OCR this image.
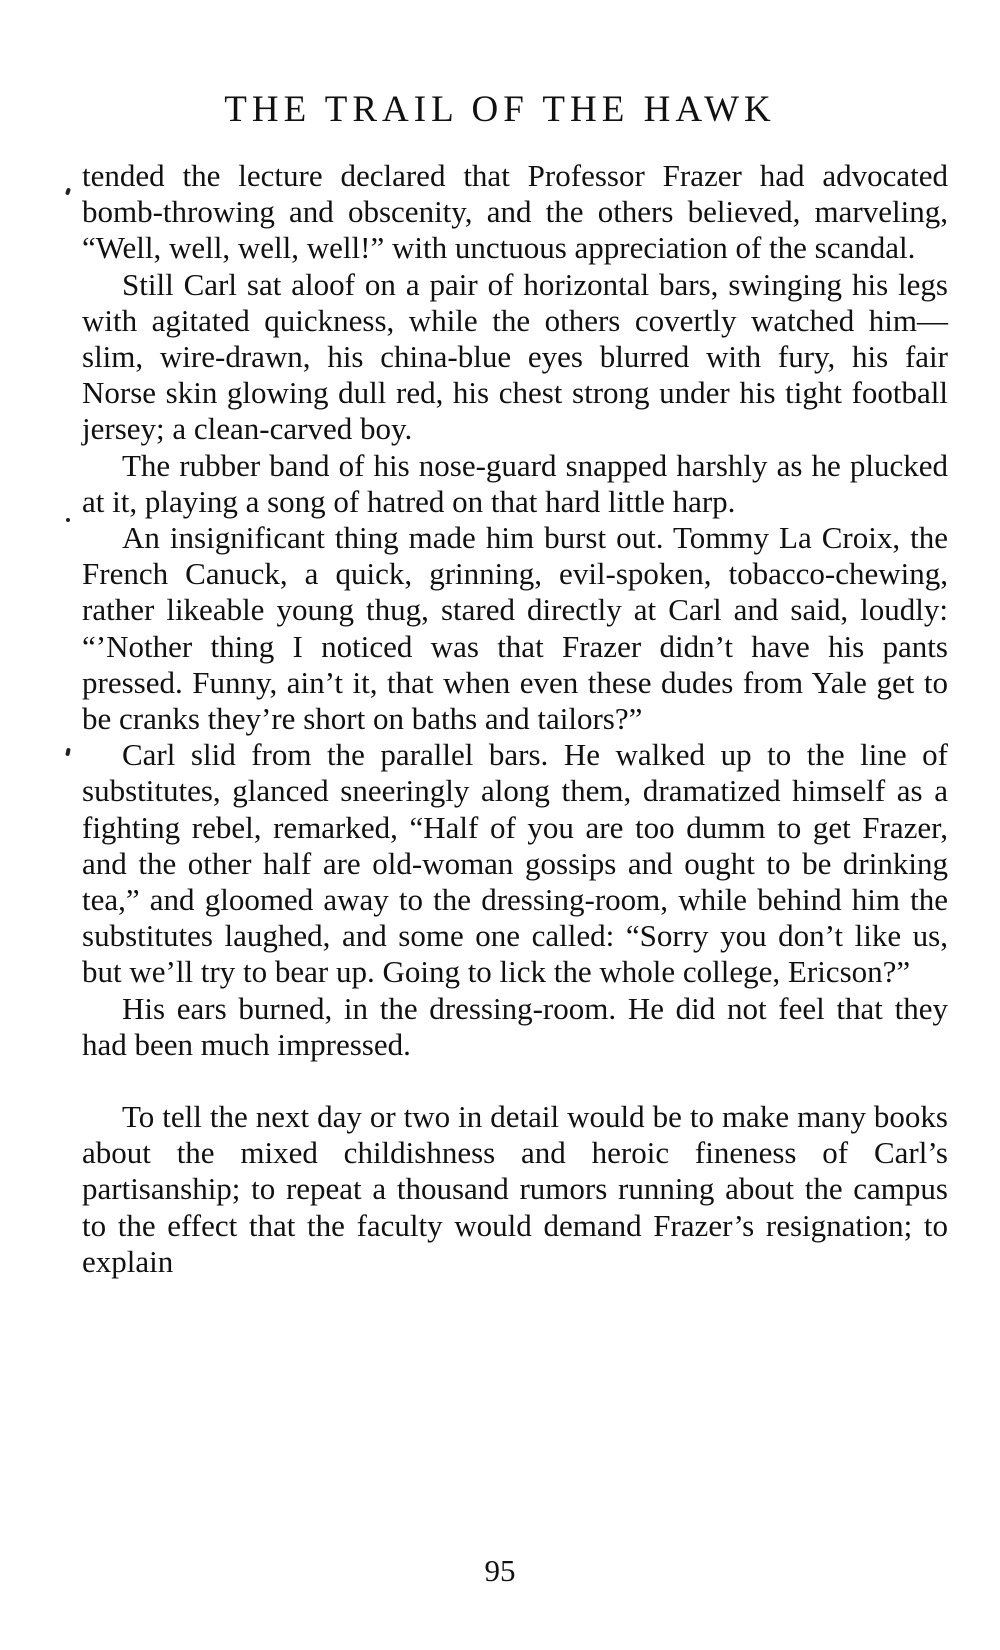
THE TRAIL OF THE HAWK

tended the lecture declared that Professor Frazer had advocated bomb-throwing and obscenity, and the others believed, marveling, “Well, well, well, well!” with unctuous appreciation of the scandal.

Still Carl sat aloof on a pair of horizontal bars, swinging his legs with agitated quickness, while the others covertly watched him—slim, wire-drawn, his china-blue eyes blurred with fury, his fair Norse skin glowing dull red, his chest strong under his tight football jersey; a clean-carved boy.

The rubber band of his nose-guard snapped harshly as he plucked at it, playing a song of hatred on that hard little harp.

An insignificant thing made him burst out. Tommy La Croix, the French Canuck, a quick, grinning, evil-spoken, tobacco-chewing, rather likeable young thug, stared directly at Carl and said, loudly: “’Nother thing I noticed was that Frazer didn’t have his pants pressed. Funny, ain’t it, that when even these dudes from Yale get to be cranks they’re short on baths and tailors?”

Carl slid from the parallel bars. He walked up to the line of substitutes, glanced sneeringly along them, dramatized himself as a fighting rebel, remarked, “Half of you are too dumm to get Frazer, and the other half are old-woman gossips and ought to be drinking tea,” and gloomed away to the dressing-room, while behind him the substitutes laughed, and some one called: “Sorry you don’t like us, but we’ll try to bear up. Going to lick the whole college, Ericson?”

His ears burned, in the dressing-room. He did not feel that they had been much impressed.

To tell the next day or two in detail would be to make many books about the mixed childishness and heroic fineness of Carl’s partisanship; to repeat a thousand rumors running about the campus to the effect that the faculty would demand Frazer’s resignation; to explain

95
